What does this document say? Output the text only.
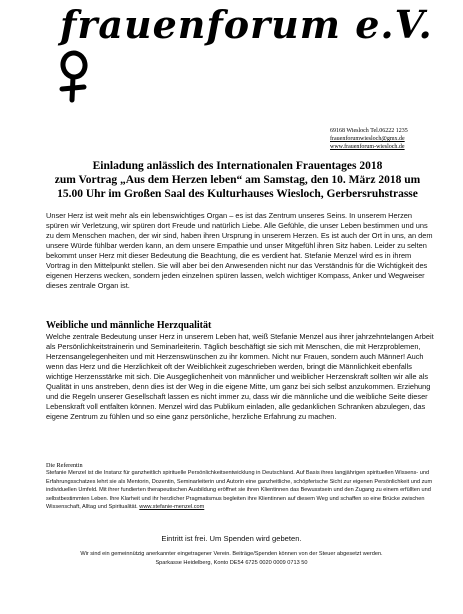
frauenforum e.V.
69168 Wiesloch Tel.06222 1235
frauenforumwiesloch@gmx.de
www.frauenforum-wiesloch.de
Einladung anlässlich des Internationalen Frauentages 2018
zum Vortrag „Aus dem Herzen leben“ am Samstag, den 10. März 2018 um
15.00 Uhr im Großen Saal des Kulturhauses Wiesloch, Gerbersruhstrasse
Unser Herz ist weit mehr als ein lebenswichtiges Organ – es ist das Zentrum unseres Seins. In unserem Herzen spüren wir Verletzung, wir spüren dort Freude und natürlich Liebe. Alle Gefühle, die unser Leben bestimmen und uns zu dem Menschen machen, der wir sind, haben ihren Ursprung in unserem Herzen. Es ist auch der Ort in uns, an dem unsere Würde fühlbar werden kann, an dem unsere Empathie und unser Mitgefühl ihren Sitz haben. Leider zu selten bekommt unser Herz mit dieser Bedeutung die Beachtung, die es verdient hat. Stefanie Menzel wird es in ihrem Vortrag in den Mittelpunkt stellen. Sie will aber bei den Anwesenden nicht nur das Verständnis für die Wichtigkeit des eigenen Herzens wecken, sondern jeden einzelnen spüren lassen, welch wichtiger Kompass, Anker und Wegweiser dieses zentrale Organ ist.
Weibliche und männliche Herzqualität
Welche zentrale Bedeutung unser Herz in unserem Leben hat, weiß Stefanie Menzel aus ihrer jahrzehntelangen Arbeit als Persönlichkeitstrainerin und Seminarleiterin. Täglich beschäftigt sie sich mit Menschen, die mit Herzproblemen, Herzensangelegenheiten und mit Herzenswünschen zu ihr kommen. Nicht nur Frauen, sondern auch Männer! Auch wenn das Herz und die Herzlichkeit oft der Weiblichkeit zugeschrieben werden, bringt die Männlichkeit ebenfalls wichtige Herzensstärke mit sich. Die Ausgeglichenheit von männlicher und weiblicher Herzenskraft sollten wir alle als Qualität in uns anstreben, denn dies ist der Weg in die eigene Mitte, um ganz bei sich selbst anzukommen. Erziehung und die Regeln unserer Gesellschaft lassen es nicht immer zu, dass wir die männliche und die weibliche Seite dieser Lebenskraft voll entfalten können. Menzel wird das Publikum einladen, alle gedanklichen Schranken abzulegen, das eigene Zentrum zu fühlen und so eine ganz persönliche, herzliche Erfahrung zu machen.
Die Referentin
Stefanie Menzel ist die Instanz für ganzheitlich spirituelle Persönlichkeitsentwicklung in Deutschland. Auf Basis ihres langjährigen spirituellen Wissens- und Erfahrungsschatzes lehrt sie als Mentorin, Dozentin, Seminarleiterin und Autorin eine ganzheitliche, schöpferische Sicht zur eigenen Persönlichkeit und zum individuellen Umfeld. Mit ihrer fundierten therapeutischen Ausbildung eröffnet sie ihren Klientinnen das Bewusstsein und den Zugang zu einem erfüllten und selbstbestimmten Leben. Ihre Klarheit und ihr herzlicher Pragmatismus begleiten ihre Klientinnen auf diesem Weg und schaffen so eine Brücke zwischen Wissenschaft, Alltag und Spiritualität. www.stefanie-menzel.com
Eintritt ist frei. Um Spenden wird gebeten.
Wir sind ein gemeinnützig anerkannter eingetragener Verein. Beiträge/Spenden können von der Steuer abgesetzt werden.
Sparkasse Heidelberg, Konto DE54 6725 0020 0009 0713 50
